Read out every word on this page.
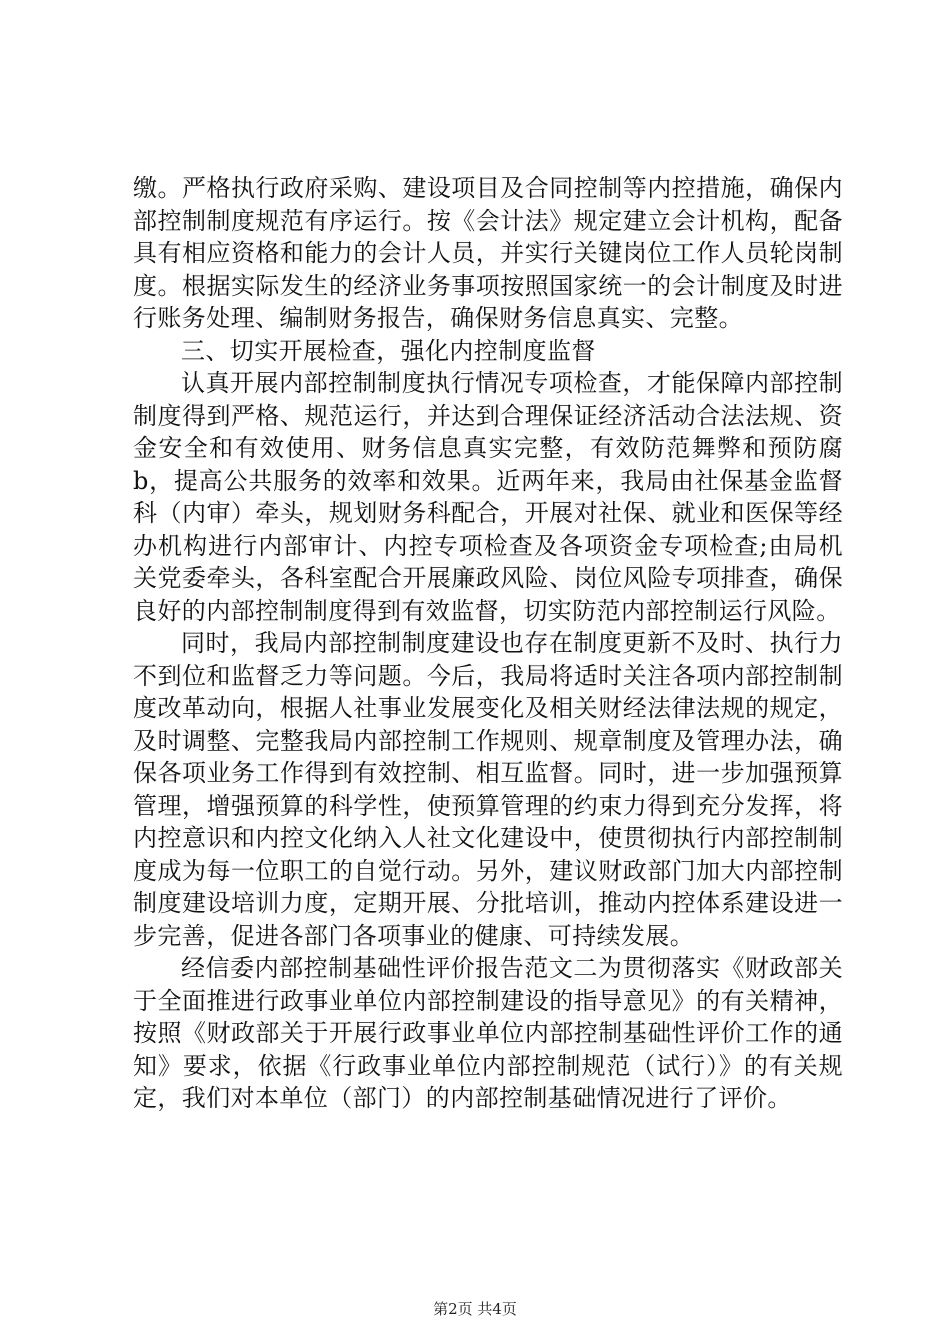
缴。严格执行政府采购、建设项目及合同控制等内控措施，确保内部控制制度规范有序运行。按《会计法》规定建立会计机构，配备具有相应资格和能力的会计人员，并实行关键岗位工作人员轮岗制度。根据实际发生的经济业务事项按照国家统一的会计制度及时进行账务处理、编制财务报告，确保财务信息真实、完整。

三、切实开展检查，强化内控制度监督

认真开展内部控制制度执行情况专项检查，才能保障内部控制制度得到严格、规范运行，并达到合理保证经济活动合法法规、资金安全和有效使用、财务信息真实完整，有效防范舞弊和预防腐b，提高公共服务的效率和效果。近两年来，我局由社保基金监督科（内审）牵头，规划财务科配合，开展对社保、就业和医保等经办机构进行内部审计、内控专项检查及各项资金专项检查;由局机关党委牵头，各科室配合开展廉政风险、岗位风险专项排查，确保良好的内部控制制度得到有效监督，切实防范内部控制运行风险。

同时，我局内部控制制度建设也存在制度更新不及时、执行力不到位和监督乏力等问题。今后，我局将适时关注各项内部控制制度改革动向，根据人社事业发展变化及相关财经法律法规的规定，及时调整、完整我局内部控制工作规则、规章制度及管理办法，确保各项业务工作得到有效控制、相互监督。同时，进一步加强预算管理，增强预算的科学性，使预算管理的约束力得到充分发挥，将内控意识和内控文化纳入人社文化建设中，使贯彻执行内部控制制度成为每一位职工的自觉行动。另外，建议财政部门加大内部控制制度建设培训力度，定期开展、分批培训，推动内控体系建设进一步完善，促进各部门各项事业的健康、可持续发展。

经信委内部控制基础性评价报告范文二为贯彻落实《财政部关于全面推进行政事业单位内部控制建设的指导意见》的有关精神，按照《财政部关于开展行政事业单位内部控制基础性评价工作的通知》要求，依据《行政事业单位内部控制规范（试行）》的有关规定，我们对本单位（部门）的内部控制基础情况进行了评价。

第2页 共4页
